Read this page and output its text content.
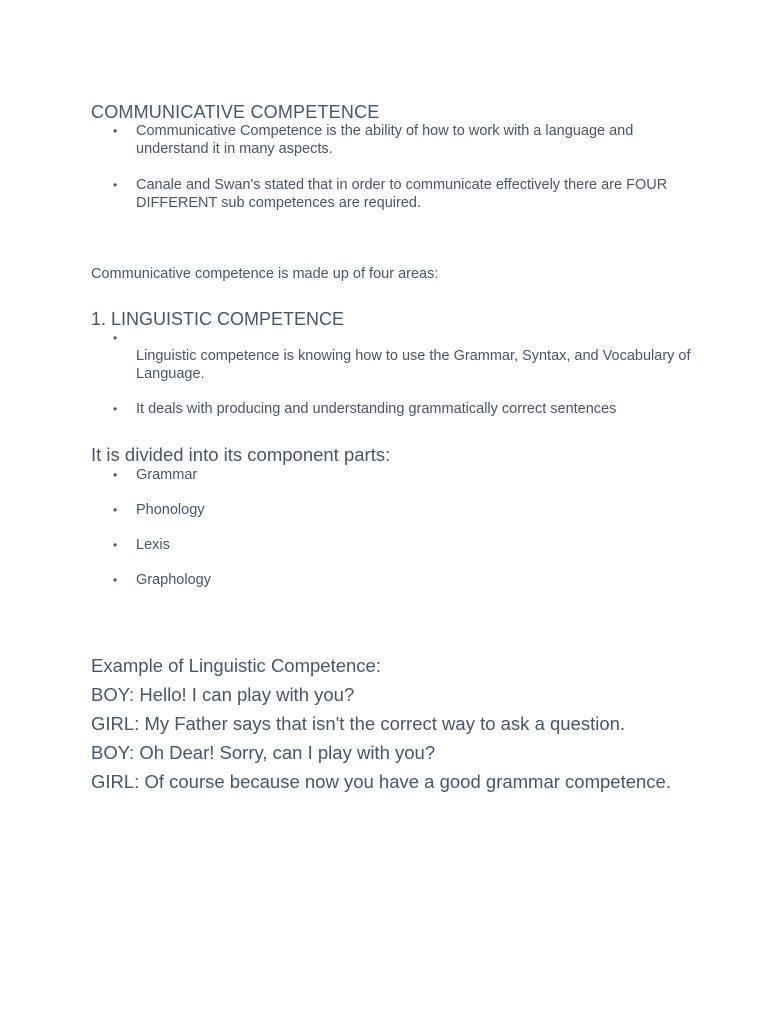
COMMUNICATIVE COMPETENCE
• Communicative Competence is the ability of how to work with a language and understand it in many aspects.
• Canale and Swan's stated that in order to communicate effectively there are FOUR DIFFERENT sub competences are required.

Communicative competence is made up of four areas:

1. LINGUISTIC COMPETENCE
•
Linguistic competence is knowing how to use the Grammar, Syntax, and Vocabulary of Language.
• It deals with producing and understanding grammatically correct sentences
It is divided into its component parts:
• Grammar
• Phonology
• Lexis
• Graphology

Example of Linguistic Competence:

BOY: Hello! I can play with you?

GIRL: My Father says that isn't the correct way to ask a question.

BOY: Oh Dear! Sorry, can I play with you?

GIRL: Of course because now you have a good grammar competence.
